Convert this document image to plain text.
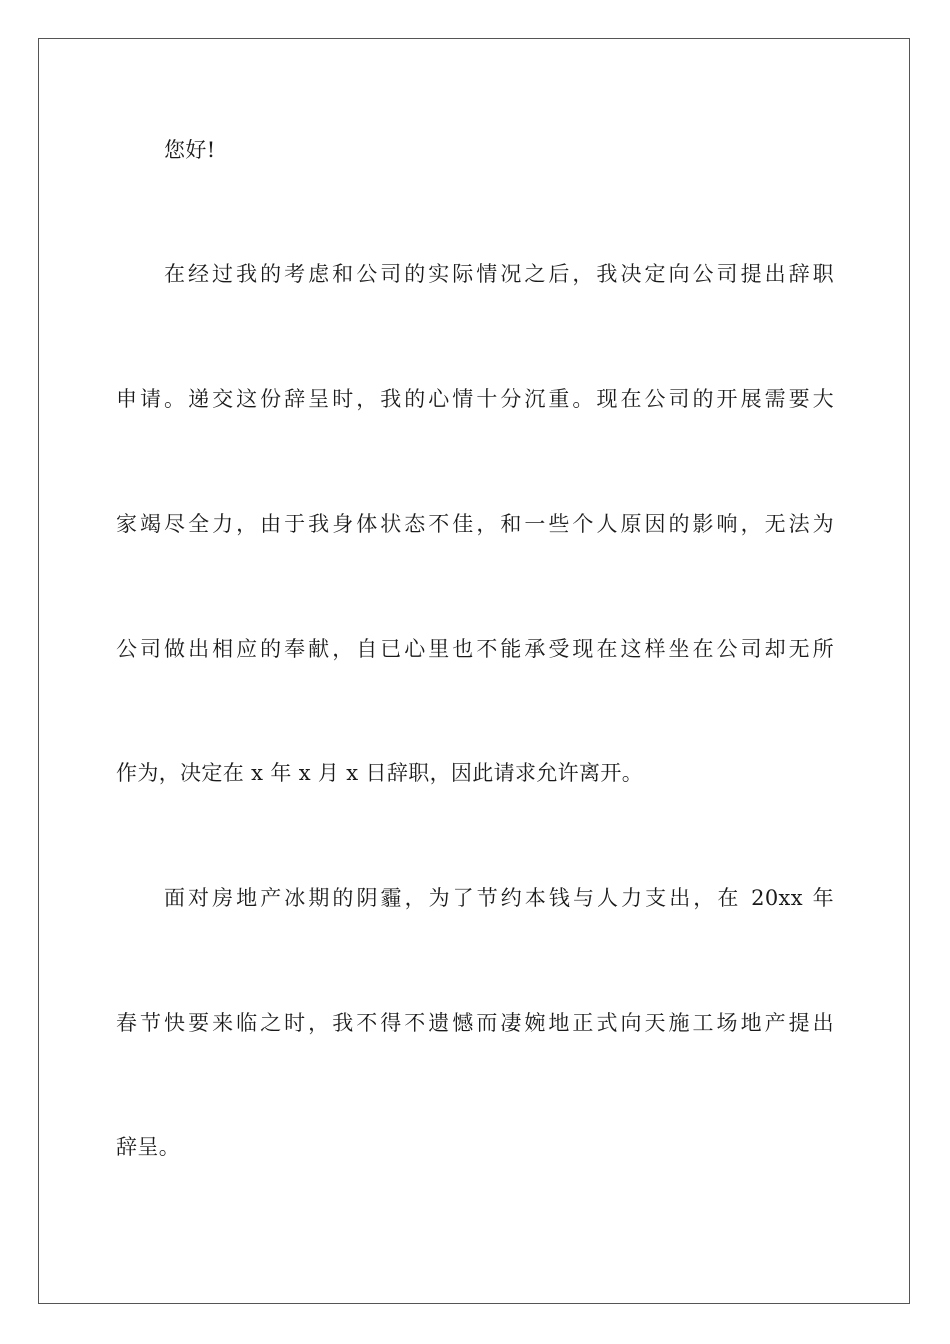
您好!
在经过我的考虑和公司的实际情况之后，我决定向公司提出辞职
申请。递交这份辞呈时，我的心情十分沉重。现在公司的开展需要大
家竭尽全力，由于我身体状态不佳，和一些个人原因的影响，无法为
公司做出相应的奉献，自已心里也不能承受现在这样坐在公司却无所
作为，决定在 x 年 x 月 x 日辞职，因此请求允许离开。
面对房地产冰期的阴霾，为了节约本钱与人力支出，在 20xx 年
春节快要来临之时，我不得不遗憾而凄婉地正式向天施工场地产提出
辞呈。
